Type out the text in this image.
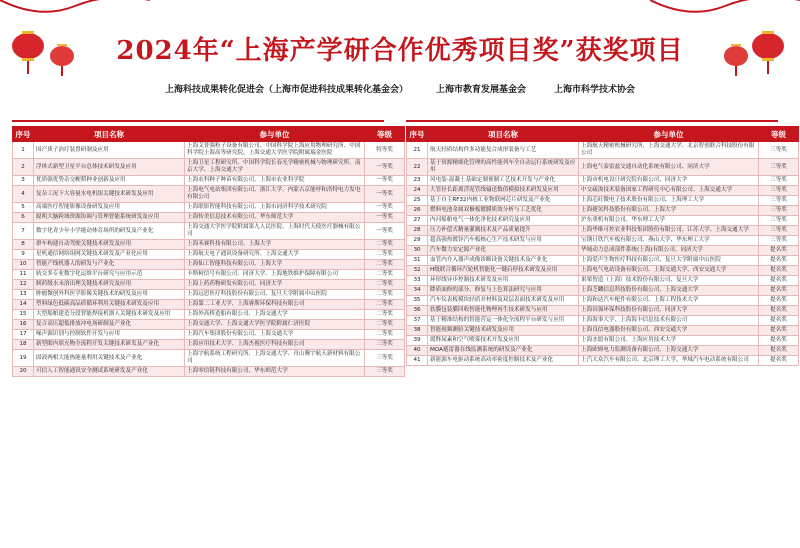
2024年“上海产学研合作优秀项目奖”获奖项目
上海科技成果转化促进会（上海市促进科技成果转化基金会）	上海市教育发展基金会	上海市科学技术协会
序号	项目名称	参与单位	等级
1	国产质子治疗装置研制及应用	上海艾普强粒子设备有限公司、中国科学院上海应用物理研究所、中国科学院上海高等研究院、上海交通大学医学院附属瑞金医院	特等奖
2	浮体式新型卫星平台总体技术研发及应用	上海卫星工程研究所、中国科学院长春光学精密机械与物理研究所、南京大学、上海交通大学	一等奖
3	优质强优势杂交粳稻种业创新及应用	上海农科种子种苗有限公司、上海市农业科学院	一等奖
4	复杂工况下大容量水电机组关键技术研发及应用	上海电气电站集团有限公司、浙江大学、内蒙古京能呼和浩特电力发电有限公司	一等奖
5	高端医疗智能影像设备研发及应用	上海联影智能科技有限公司、上海市同济科学技术研究院	一等奖
6	聪明大脑跨域资源协调与管理智能系统研发及应用	上海传美信息技术有限公司、华东师范大学	一等奖
7	数字化青少年小学能动体育场所的研发及产业化	上海交通大学医学院附属第九人民医院、上海时代天使医疗器械有限公司	一等奖
8	群车构建自动驾驶关键技术研发及应用	上海禾赛科技有限公司、上海大学	二等奖
9	星机通信网络组网关键技术研发及产业化应用	上海航天电子通讯设备研究所、上海交通大学	二等奖
10	智能产线机器人的研发与产业化	上海仙工智能科技有限公司、上海大学	二等奖
11	轨交多专业数字化运维平台研究与应用示范	卡斯柯信号有限公司、同济大学、上海地铁维护保障有限公司	二等奖
12	制药级水未溶出理关键技术研究及应用	上海上药药物研发有限公司、同济大学	二等奖
13	肿瘤微创外科医学影像关键技术的研发及应用	上海远思医疗科技股份有限公司、复旦大学附属中山医院	二等奖
14	塑料绿色低碳高品质循环利用关键技术研发及应用	上海第二工业大学、上海睿斯环保科技有限公司	二等奖
15	大型船舶建造分段智能焊接机器人关键技术研发及应用	上海外高桥造船有限公司、上海交通大学	二等奖
16	复合高压超低排放冲电场研制及产业化	上海交通大学、上海交通大学医学院附属仁济医院	二等奖
17	噪声源识别与控制软件开发与应用	上海汽车集团股份有限公司、上海交通大学	二等奖
18	新型眼内填充物全流程开发关键技术研发及产业化	上海应用技术大学、上海杰视医疗科技有限公司	三等奖
19	固液两相大能热能量利用关键技术及产业化	上海宇航系统工程研究所、上海交通大学、舟山腾宇航天新材料有限公司	三等奖
20	可信人工智能通讯安全测试系统研发及产业化	上海零信链科技有限公司、华东师范大学	三等奖
序号	项目名称	参与单位	等级
21	航天轻质结构件多功能复合成形装备与工艺	上海航天精密机械研究所、上海交通大学、北京智创联合科技股份有限公司	三等奖
22	基于资源精细化管理的高性能列车全自动运行系统研发及应用	上海电气泰雷兹交通自动化系统有限公司、同济大学	三等奖
23	风电装-混凝土基础定制预制工艺技术开发与产业化	上海市机电设计研究院有限公司、同济大学	三等奖
24	大管径长距离浮泥管线输送数值模拟技术研发及应用	中交疏浚技术装备国家工程研究中心有限公司、上海交通大学	三等奖
25	基于自主RF32内核工业物联网芯片研发及产业化	上海芯旺微电子技术股份有限公司、上海理工大学	三等奖
26	燃料电池金属双极板镀膜质效分析与工艺优化	上海捷氢科技股份有限公司、上海大学	三等奖
27	内河船舶电气一体化净化技术研究及应用	沪东重机有限公司、华东理工大学	三等奖
28	压力补偿式精量灌溉技术及产品质量提升	上海华维可控农业科技集团股份有限公司、江苏大学、上海交通大学	三等奖
29	超高强热镀锌汽车板核心生产技术研发与应用	宝钢日铁汽车板有限公司、燕山大学、华东理工大学	三等奖
30	汽车微力安定源产业化	华域动力总成部件系统(上海)有限公司、同济大学	提名奖
31	血管内介入器声成像诊断设备关键技术及产业化	上海爱声生物医疗科技有限公司、复旦大学附属中山医院	提名奖
32	H级联合循环汽轮机智能化一键启停技术研发及应用	上海电气电站设备有限公司、上海交通大学、西安交通大学	提名奖
33	环形线异步控制技术研发及应用	果栗智造（上海）技术股份有限公司、复旦大学	提名奖
34	降质面修的部分、修复与上色算法研究与应用	上海芝麟信息科技股份有限公司、上海交通大学	提名奖
35	汽车仪表板模块轻质并材料及双层表面技术研发及应用	上海和达汽车配件有限公司、上海工程技术大学	提名奖
36	软膜包装膜回收智能化物理再生技术研发与应用	上海田强环保科技股份有限公司、同济大学	提名奖
37	基于精准结构的智能营运一体化全流程平台研发与应用	上海海事大学、上海海丰信息技术有限公司	提名奖
38	智能视频测验关键技术研发及应用	上海良信电器股份有限公司、西安交通大学	提名奖
39	缓释尿素和空气喷雾技术开发及应用	上海水愿有限公司、上海应用技术大学	提名奖
40	MOA避雷器在线监测系统的研发及产业化	上海欧姆电力监测设备有限公司、上海交通大学	提名奖
41	新能源车电驱动系统高功率密度控制技术及产业化	上汽大众汽车有限公司、北京理工大学、华域汽车电动系统有限公司	提名奖
